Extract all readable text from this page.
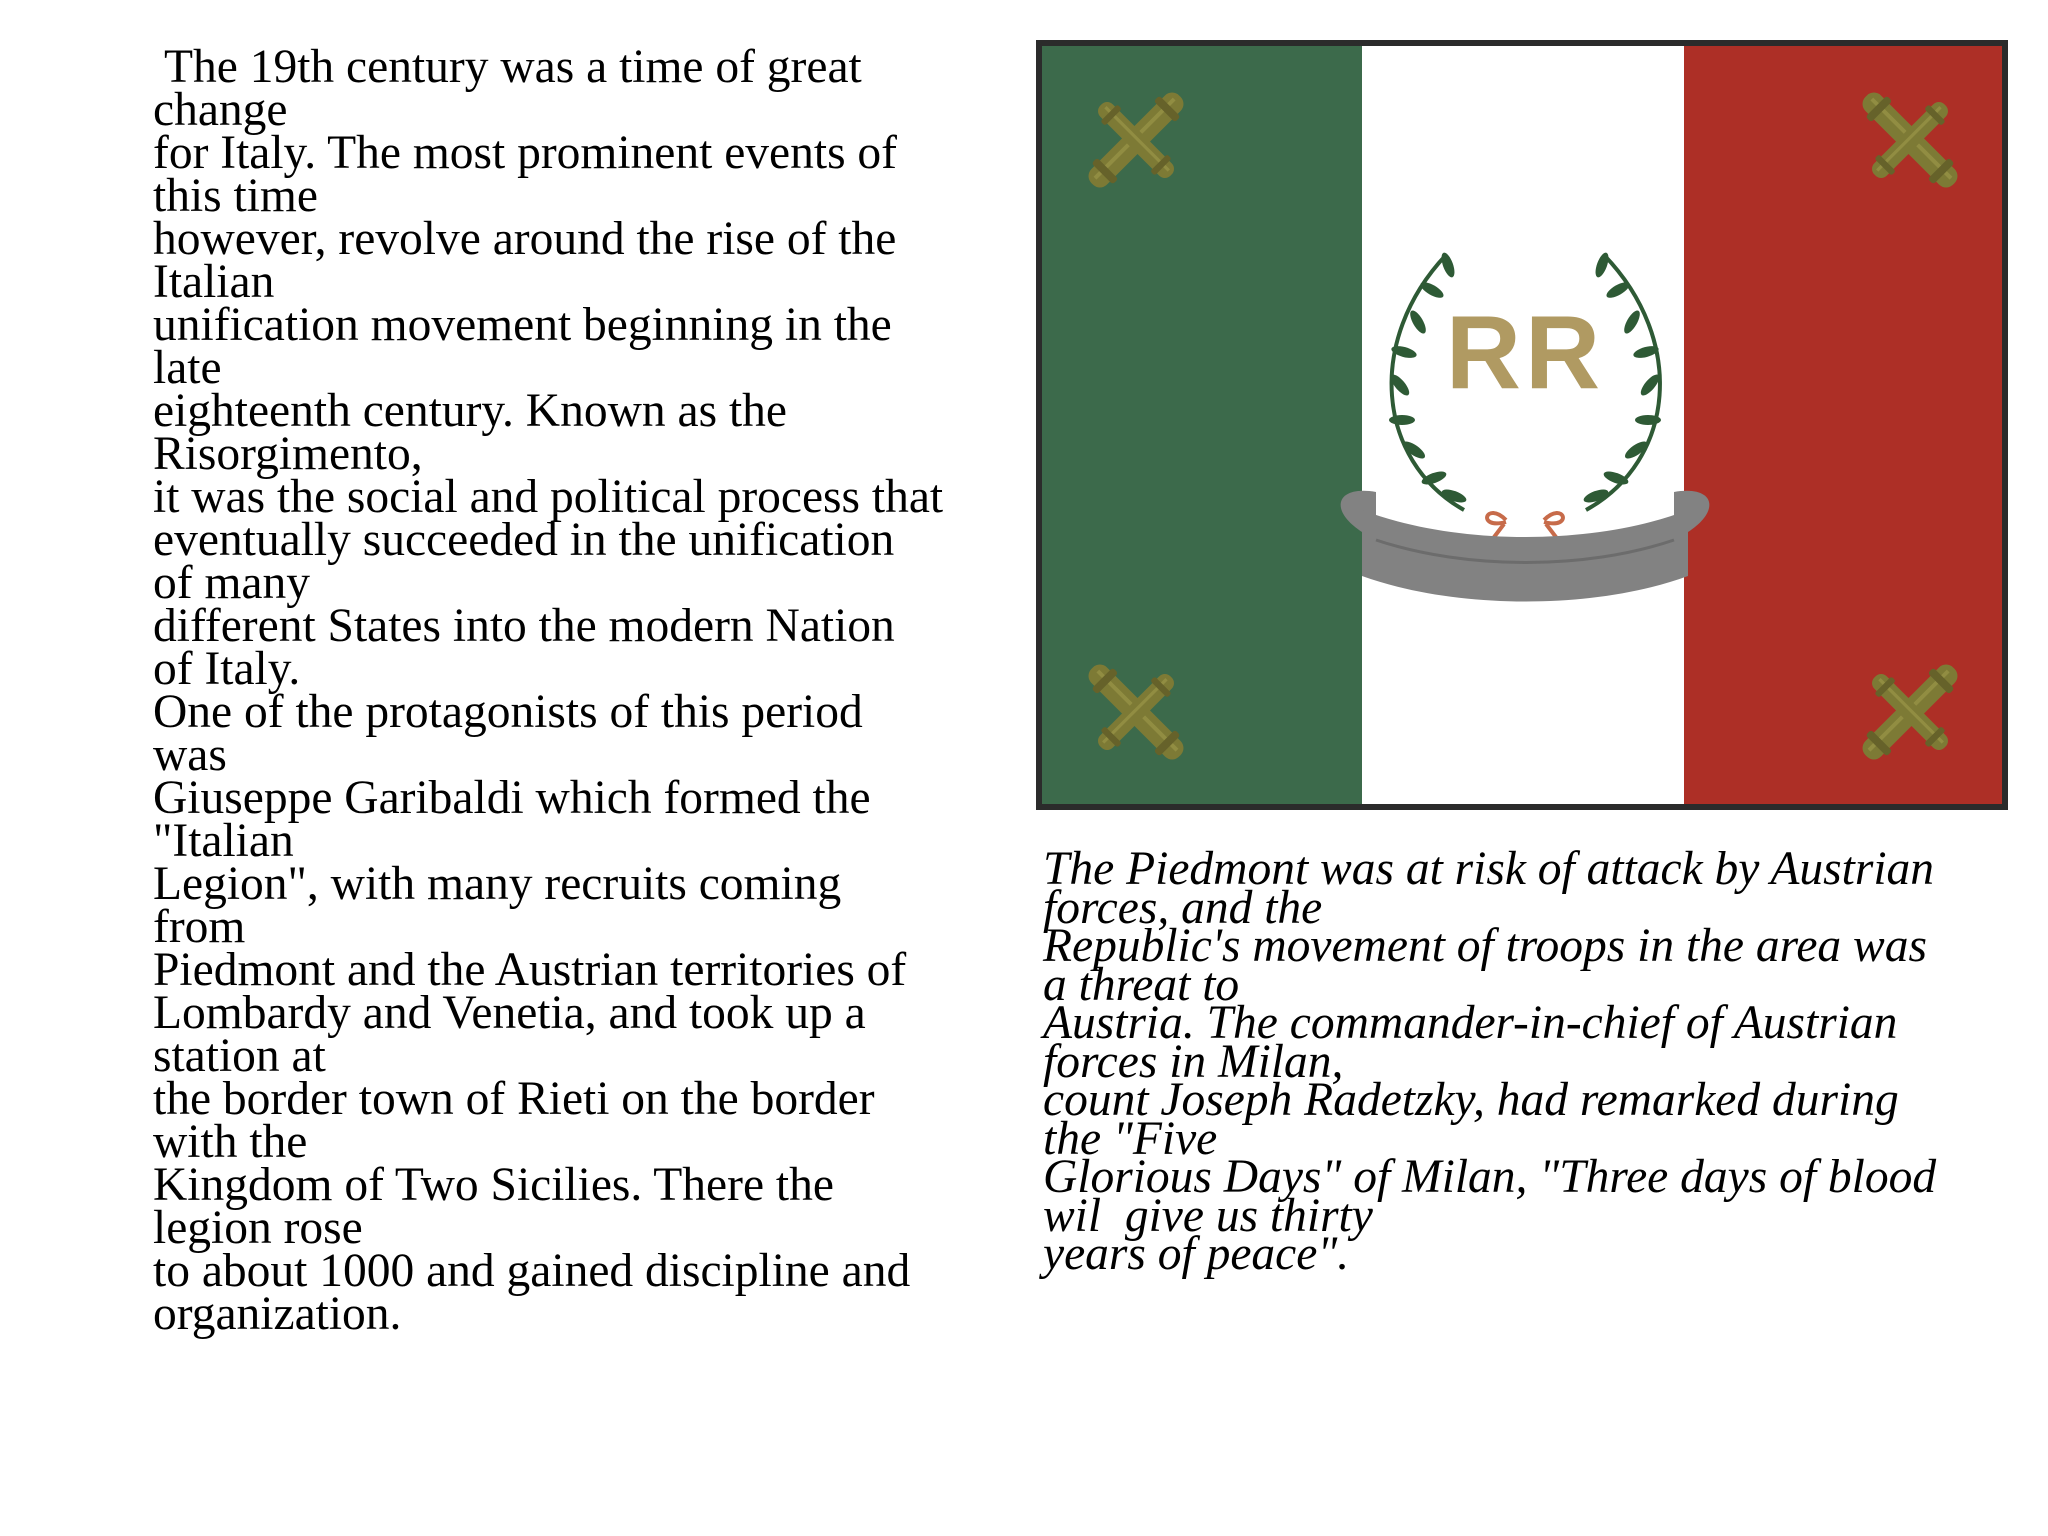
The 19th century was a time of great
change
for Italy. The most prominent events of
this time
however, revolve around the rise of the
Italian
unification movement beginning in the
late
eighteenth century. Known as the
Risorgimento,
it was the social and political process that
eventually succeeded in the unification
of many
different States into the modern Nation
of Italy.
One of the protagonists of this period
was
Giuseppe Garibaldi which formed the
"Italian
Legion", with many recruits coming
from
Piedmont and the Austrian territories of
Lombardy and Venetia, and took up a
station at
the border town of Rieti on the border
with the
Kingdom of Two Sicilies. There the
legion rose
to about 1000 and gained discipline and
organization.
RR
The Piedmont was at risk of attack by Austrian
forces, and the
Republic's movement of troops in the area was
a threat to
Austria. The commander-in-chief of Austrian
forces in Milan,
count Joseph Radetzky, had remarked during
the "Five
Glorious Days" of Milan, "Three days of blood
wil  give us thirty
years of peace".
